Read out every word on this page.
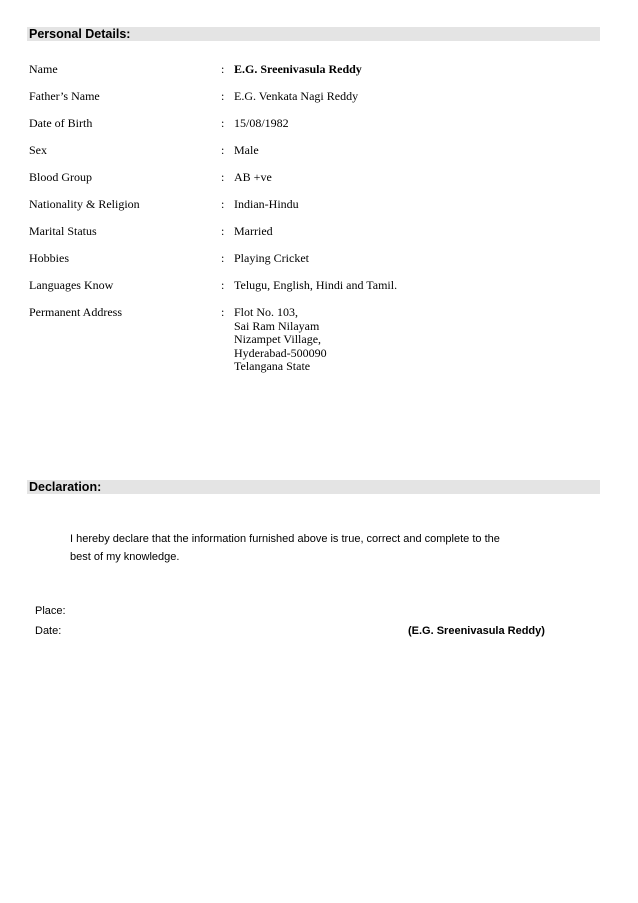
Personal Details:
Name	: E.G. Sreenivasula Reddy
Father’s Name	: E.G. Venkata Nagi Reddy
Date of Birth	: 15/08/1982
Sex	: Male
Blood Group	: AB +ve
Nationality & Religion	: Indian-Hindu
Marital Status	: Married
Hobbies	: Playing Cricket
Languages Know	: Telugu, English, Hindi and Tamil.
Permanent Address	: Flot No. 103,
Sai Ram Nilayam
Nizampet Village,
Hyderabad-500090
Telangana State
Declaration:
I hereby declare that the information furnished above is true, correct and complete to the
best of my knowledge.
Place:
Date:	(E.G. Sreenivasula Reddy)
